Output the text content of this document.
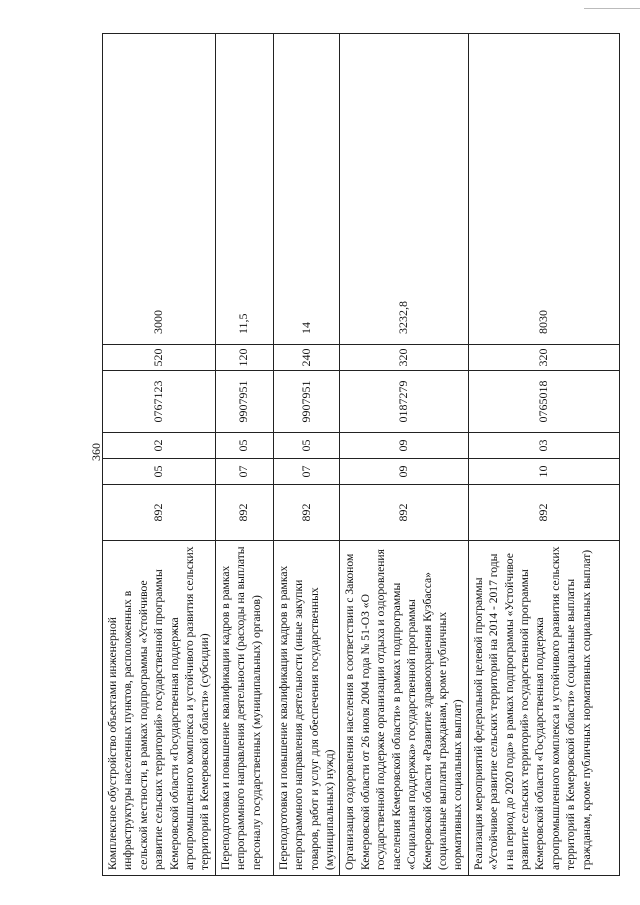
360
Комплексное обустройство объектами инженерной инфраструктуры населенных пунктов, расположенных в сельской местности, в рамках подпрограммы «Устойчивое развитие сельских территорий» государственной программы Кемеровской области «Государственная поддержка агропромышленного комплекса и устойчивого развития сельских территорий в Кемеровской области» (субсидии)	892	05	02	0767123	520	3000
Переподготовка и повышение квалификации кадров в рамках непрограммного направления деятельности (расходы на выплаты персоналу государственных (муниципальных) органов)	892	07	05	9907951	120	11,5
Переподготовка и повышение квалификации кадров в рамках непрограммного направления деятельности (иные закупки товаров, работ и услуг для обеспечения государственных (муниципальных) нужд)	892	07	05	9907951	240	14
Организация оздоровления населения в соответствии с Законом Кемеровской области от 26 июля 2004 года № 51-ОЗ «О государственной поддержке организации отдыха и оздоровления населения Кемеровской области» в рамках подпрограммы «Социальная поддержка» государственной программы Кемеровской области «Развитие здравоохранения Кузбасса» (социальные выплаты гражданам, кроме публичных нормативных социальных выплат)	892	09	09	0187279	320	3232,8
Реализация мероприятий федеральной целевой программы «Устойчивое развитие сельских территорий на 2014 - 2017 годы и на период до 2020 года» в рамках подпрограммы «Устойчивое развитие сельских территорий» государственной программы Кемеровской области «Государственная поддержка агропромышленного комплекса и устойчивого развития сельских территорий в Кемеровской области» (социальные выплаты гражданам, кроме публичных нормативных социальных выплат)	892	10	03	0765018	320	8030
